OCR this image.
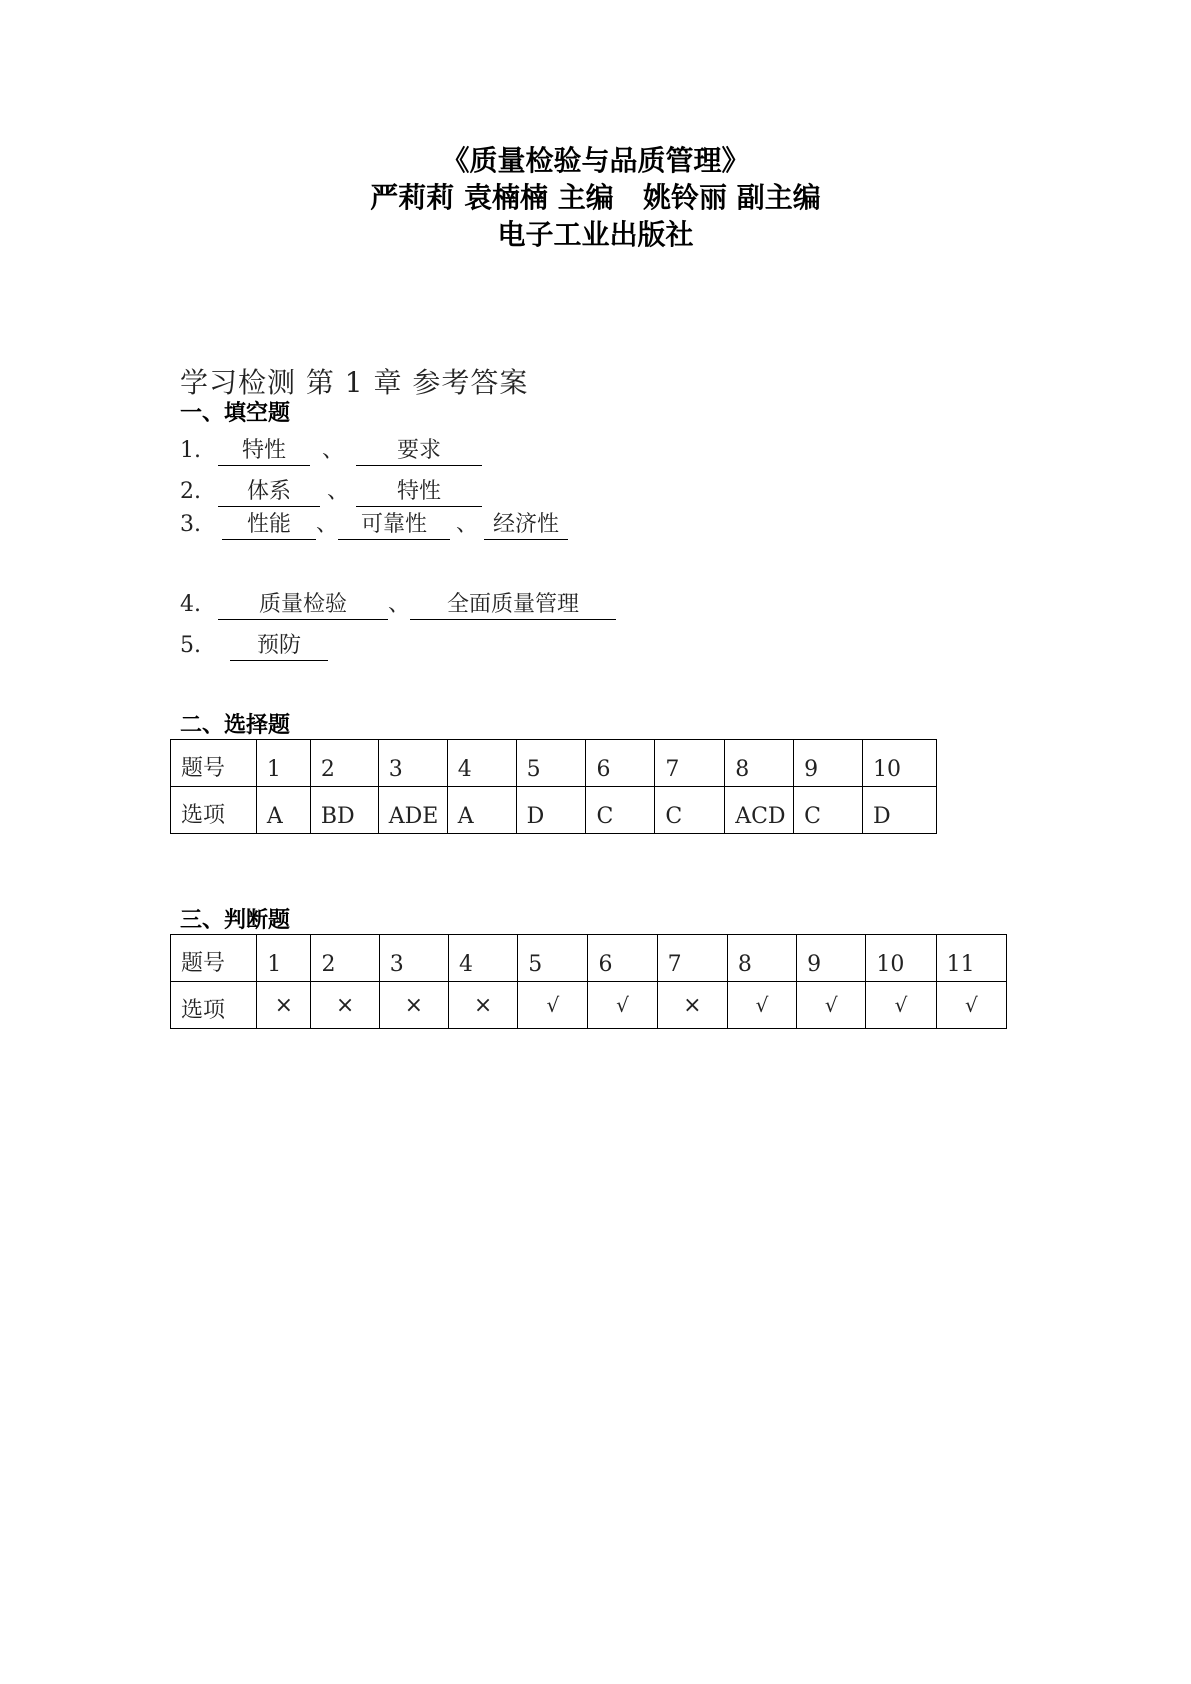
《质量检验与品质管理》
严莉莉 袁楠楠 主编   姚铃丽 副主编
电子工业出版社
学习检测 第 1 章 参考答案
一、填空题
1. 特性 、 要求
2. 体系 、 特性
3. 性能 、 可靠性 、 经济性
4.	质量检验 、 全面质量管理
5.	预防
二、选择题
题号	1	2	3	4	5	6	7	8	9	10
选项	A	BD	ADE	A	D	C	C	ACD	C	D
三、判断题
题号	1	2	3	4	5	6	7	8	9	10	11
选项	×	×	×	×	√	√	×	√	√	√	√
